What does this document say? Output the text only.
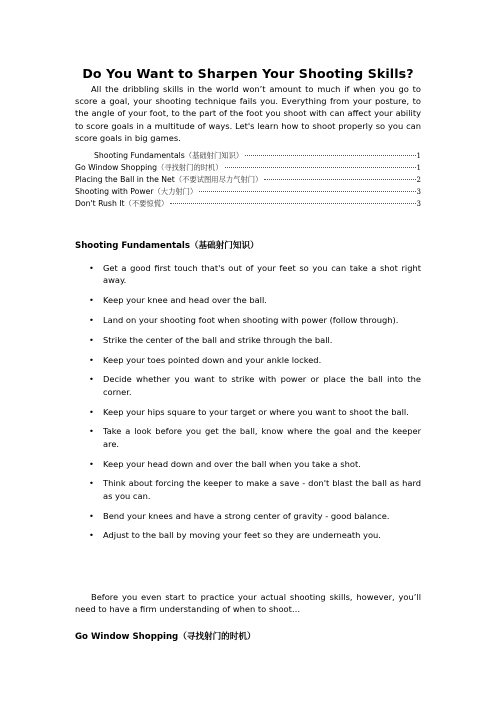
Do You Want to Sharpen Your Shooting Skills?

All the dribbling skills in the world won’t amount to much if when you go to score a goal, your shooting technique fails you. Everything from your posture, to the angle of your foot, to the part of the foot you shoot with can affect your ability to score goals in a multitude of ways. Let's learn how to shoot properly so you can score goals in big games.

Shooting Fundamentals （基础射门知识）	1
Go Window Shopping （寻找射门的时机）	1
Placing the Ball in the Net （不要试图用尽力气射门）	2
Shooting with Power （大力射门）	3
Don't Rush It （不要惊慌）	3
Shooting Fundamentals（基础射门知识）
• Get a good first touch that's out of your feet so you can take a shot right away.
• Keep your knee and head over the ball.
• Land on your shooting foot when shooting with power (follow through).
• Strike the center of the ball and strike through the ball.
• Keep your toes pointed down and your ankle locked.
• Decide whether you want to strike with power or place the ball into the corner.
• Keep your hips square to your target or where you want to shoot the ball.
• Take a look before you get the ball, know where the goal and the keeper are.
• Keep your head down and over the ball when you take a shot.
• Think about forcing the keeper to make a save - don't blast the ball as hard as you can.
• Bend your knees and have a strong center of gravity - good balance.
• Adjust to the ball by moving your feet so they are underneath you.

Before you even start to practice your actual shooting skills, however, you’ll need to have a firm understanding of when to shoot…

Go Window Shopping（寻找射门的时机）
